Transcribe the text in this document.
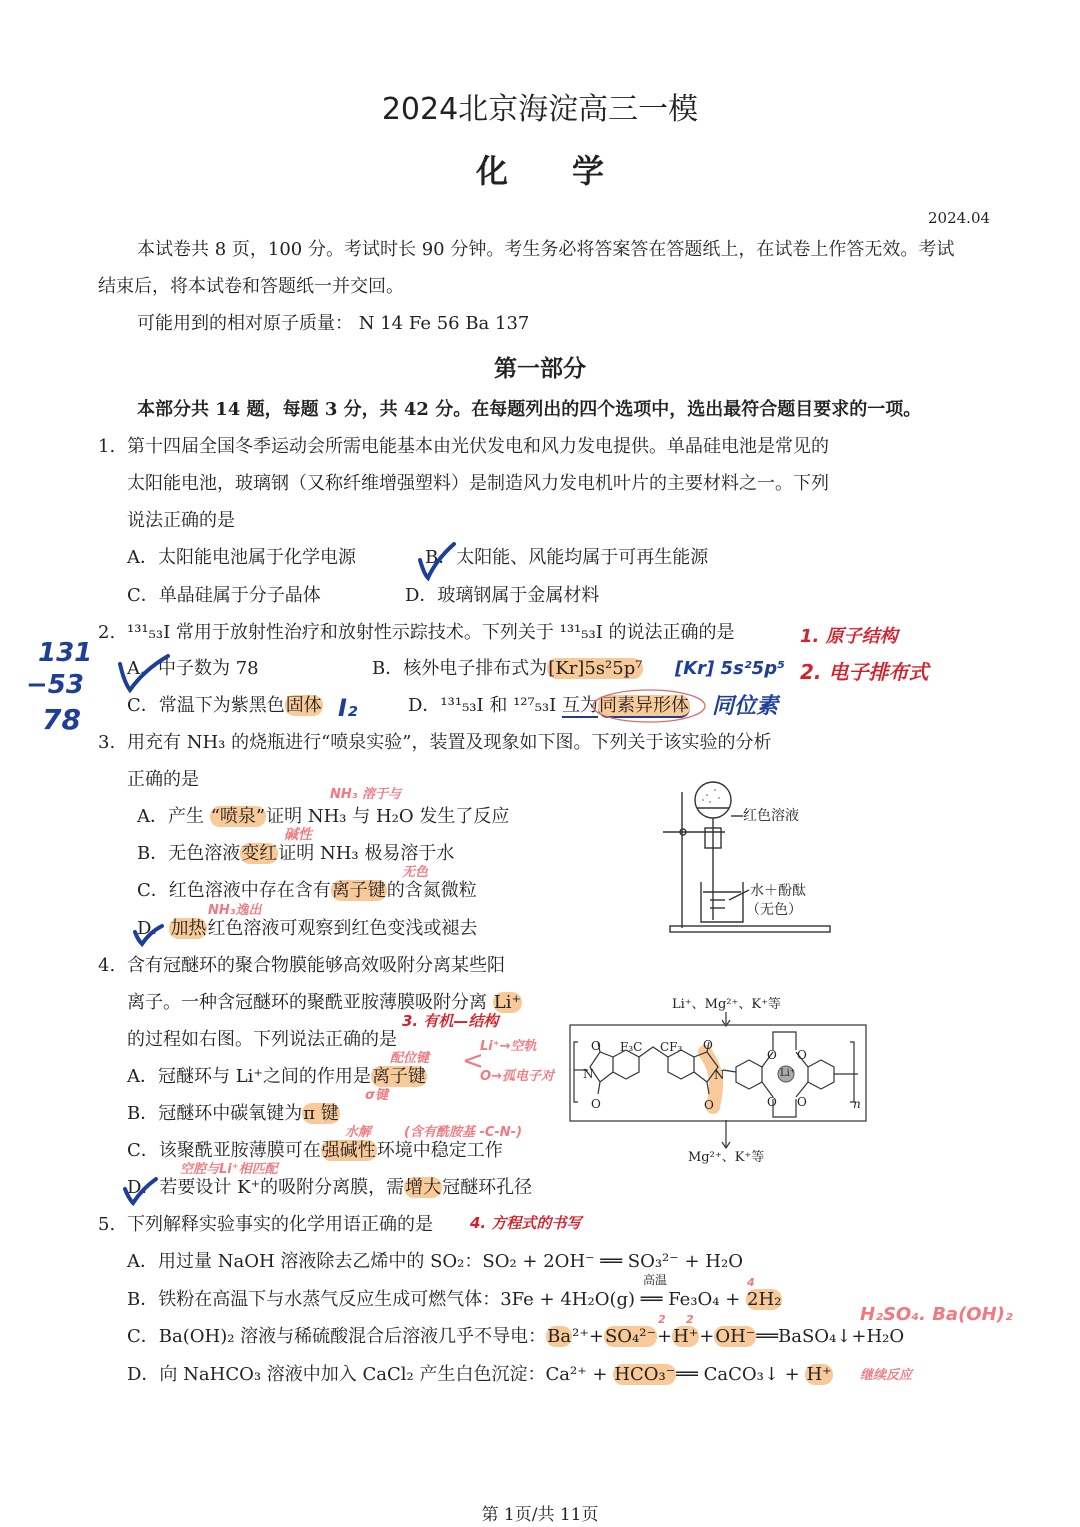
2024北京海淀高三一模
化　　学
2024.04
本试卷共 8 页，100 分。考试时长 90 分钟。考生务必将答案答在答题纸上，在试卷上作答无效。考试
结束后，将本试卷和答题纸一并交回。
可能用到的相对原子质量： N 14 Fe 56 Ba 137
第一部分
本部分共 14 题，每题 3 分，共 42 分。在每题列出的四个选项中，选出最符合题目要求的一项。
1. 第十四届全国冬季运动会所需电能基本由光伏发电和风力发电提供。单晶硅电池是常见的
太阳能电池，玻璃钢（又称纤维增强塑料）是制造风力发电机叶片的主要材料之一。下列
说法正确的是
A．太阳能电池属于化学电源	B．太阳能、风能均属于可再生能源
C．单晶硅属于分子晶体	D．玻璃钢属于金属材料
2. ¹³¹₅₃I 常用于放射性治疗和放射性示踪技术。下列关于 ¹³¹₅₃I 的说法正确的是
A．中子数为 78	B．核外电子排布式为[Kr]5s²5p⁷
C．常温下为紫黑色固体	D．¹³¹₅₃I 和 ¹²⁷₅₃I 互为同素异形体
3. 用充有 NH₃ 的烧瓶进行“喷泉实验”，装置及现象如下图。下列关于该实验的分析
正确的是
A．产生 “喷泉”证明 NH₃ 与 H₂O 发生了反应
B．无色溶液变红证明 NH₃ 极易溶于水
C．红色溶液中存在含有离子键的含氮微粒
D．加热红色溶液可观察到红色变浅或褪去
红色溶液
水＋酚酞
（无色）
4. 含有冠醚环的聚合物膜能够高效吸附分离某些阳
离子。一种含冠醚环的聚酰亚胺薄膜吸附分离 Li⁺
的过程如右图。下列说法正确的是
A．冠醚环与 Li⁺之间的作用是离子键
B．冠醚环中碳氧键为π 键
C．该聚酰亚胺薄膜可在强碱性环境中稳定工作
D．若要设计 K⁺的吸附分离膜，需增大冠醚环孔径
Li⁺、Mg²⁺、K⁺等
Mg²⁺、K⁺等
O
O
N
F₃C CF₃ O
O
N
O O
O O
Li⁺
n
5. 下列解释实验事实的化学用语正确的是
A．用过量 NaOH 溶液除去乙烯中的 SO₂：SO₂ + 2OH⁻ ══ SO₃²⁻ + H₂O
高温
B．铁粉在高温下与水蒸气反应生成可燃气体：3Fe + 4H₂O(g) ══ Fe₃O₄ + 2H₂
C．Ba(OH)₂ 溶液与稀硫酸混合后溶液几乎不导电：Ba²⁺+SO₄²⁻+H⁺+OH⁻══BaSO₄↓+H₂O
D．向 NaHCO₃ 溶液中加入 CaCl₂ 产生白色沉淀：Ca²⁺ + HCO₃⁻══ CaCO₃↓ + H⁺
131
−53
78
[Kr] 5s²5p⁵
1. 原子结构
2. 电子排布式
I₂	同位素
NH₃ 溶于与
碱性
无色
NH₃逸出
3. 有机—结构
配位键
Li⁺→空轨
O→孤电子对
<
σ键
水解	(含有酰胺基 -C-N-)
空腔与Li⁺相匹配
4. 方程式的书写
4
2 2	H₂SO₄. Ba(OH)₂
继续反应
第 1页/共 11页
